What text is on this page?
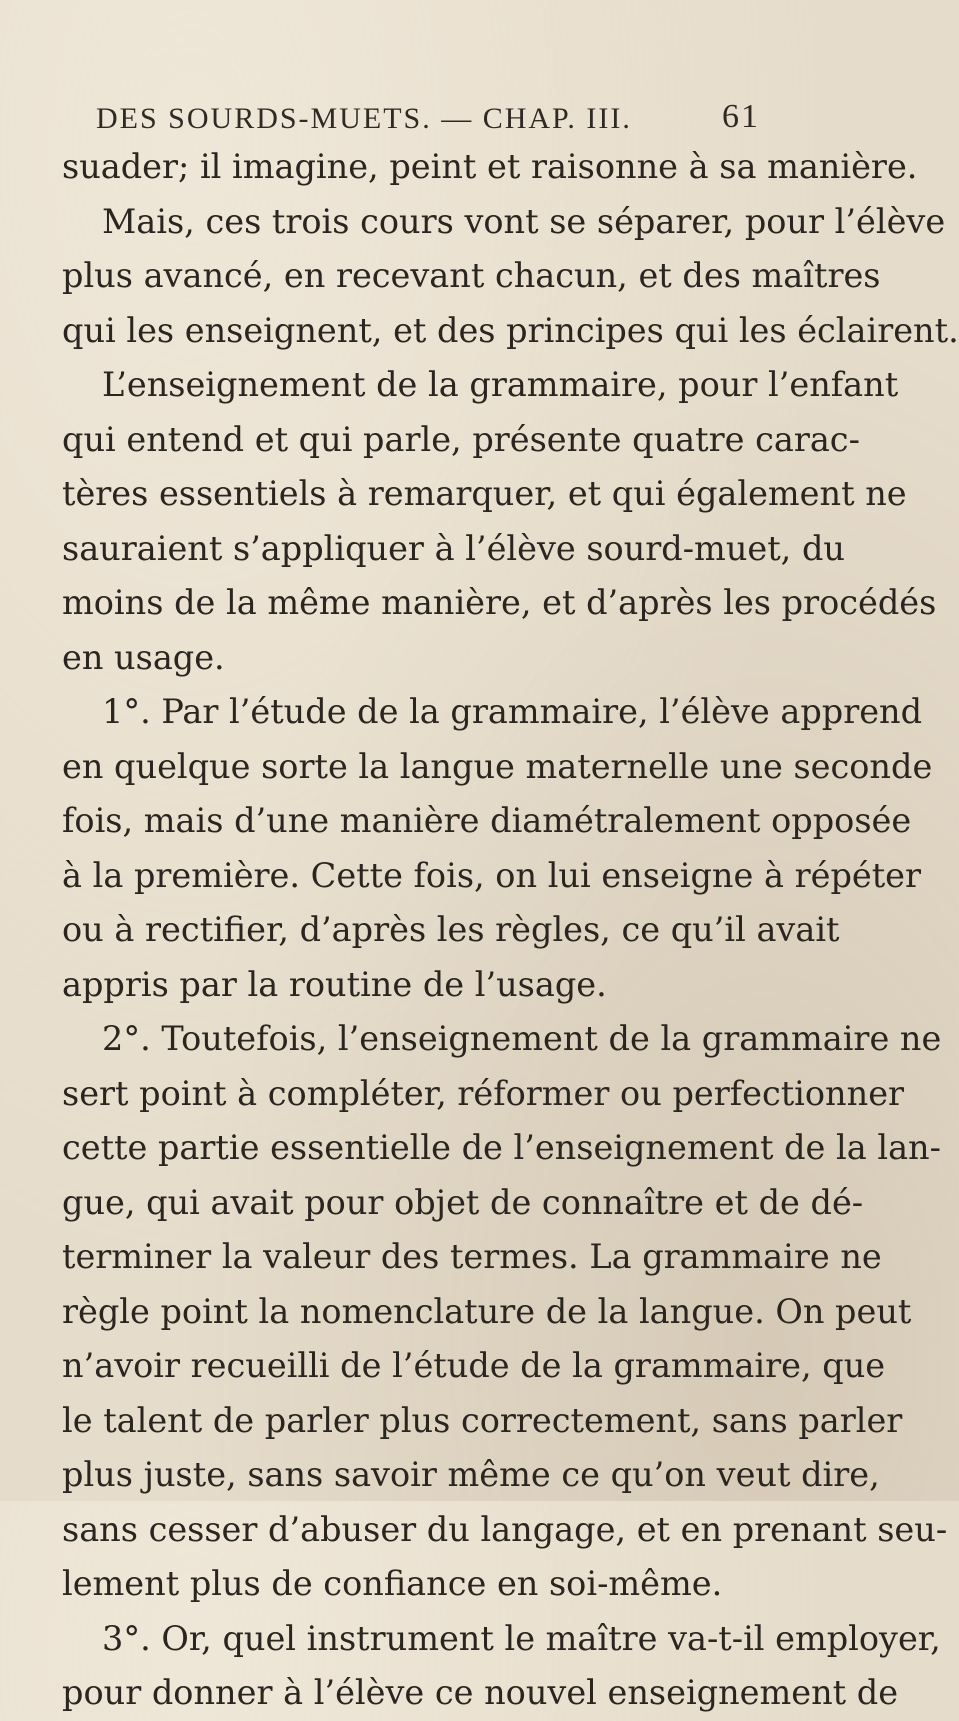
DES SOURDS-MUETS. — CHAP. III.	61
suader; il imagine, peint et raisonne à sa manière.
Mais, ces trois cours vont se séparer, pour l’élève
plus avancé, en recevant chacun, et des maîtres
qui les enseignent, et des principes qui les éclairent.
L’enseignement de la grammaire, pour l’enfant
qui entend et qui parle, présente quatre carac-
tères essentiels à remarquer, et qui également ne
sauraient s’appliquer à l’élève sourd-muet, du
moins de la même manière, et d’après les procédés
en usage.
1°. Par l’étude de la grammaire, l’élève apprend
en quelque sorte la langue maternelle une seconde
fois, mais d’une manière diamétralement opposée
à la première. Cette fois, on lui enseigne à répéter
ou à rectifier, d’après les règles, ce qu’il avait
appris par la routine de l’usage.
2°. Toutefois, l’enseignement de la grammaire ne
sert point à compléter, réformer ou perfectionner
cette partie essentielle de l’enseignement de la lan-
gue, qui avait pour objet de connaître et de dé-
terminer la valeur des termes. La grammaire ne
règle point la nomenclature de la langue. On peut
n’avoir recueilli de l’étude de la grammaire, que
le talent de parler plus correctement, sans parler
plus juste, sans savoir même ce qu’on veut dire,
sans cesser d’abuser du langage, et en prenant seu-
lement plus de confiance en soi-même.
3°. Or, quel instrument le maître va-t-il employer,
pour donner à l’élève ce nouvel enseignement de
